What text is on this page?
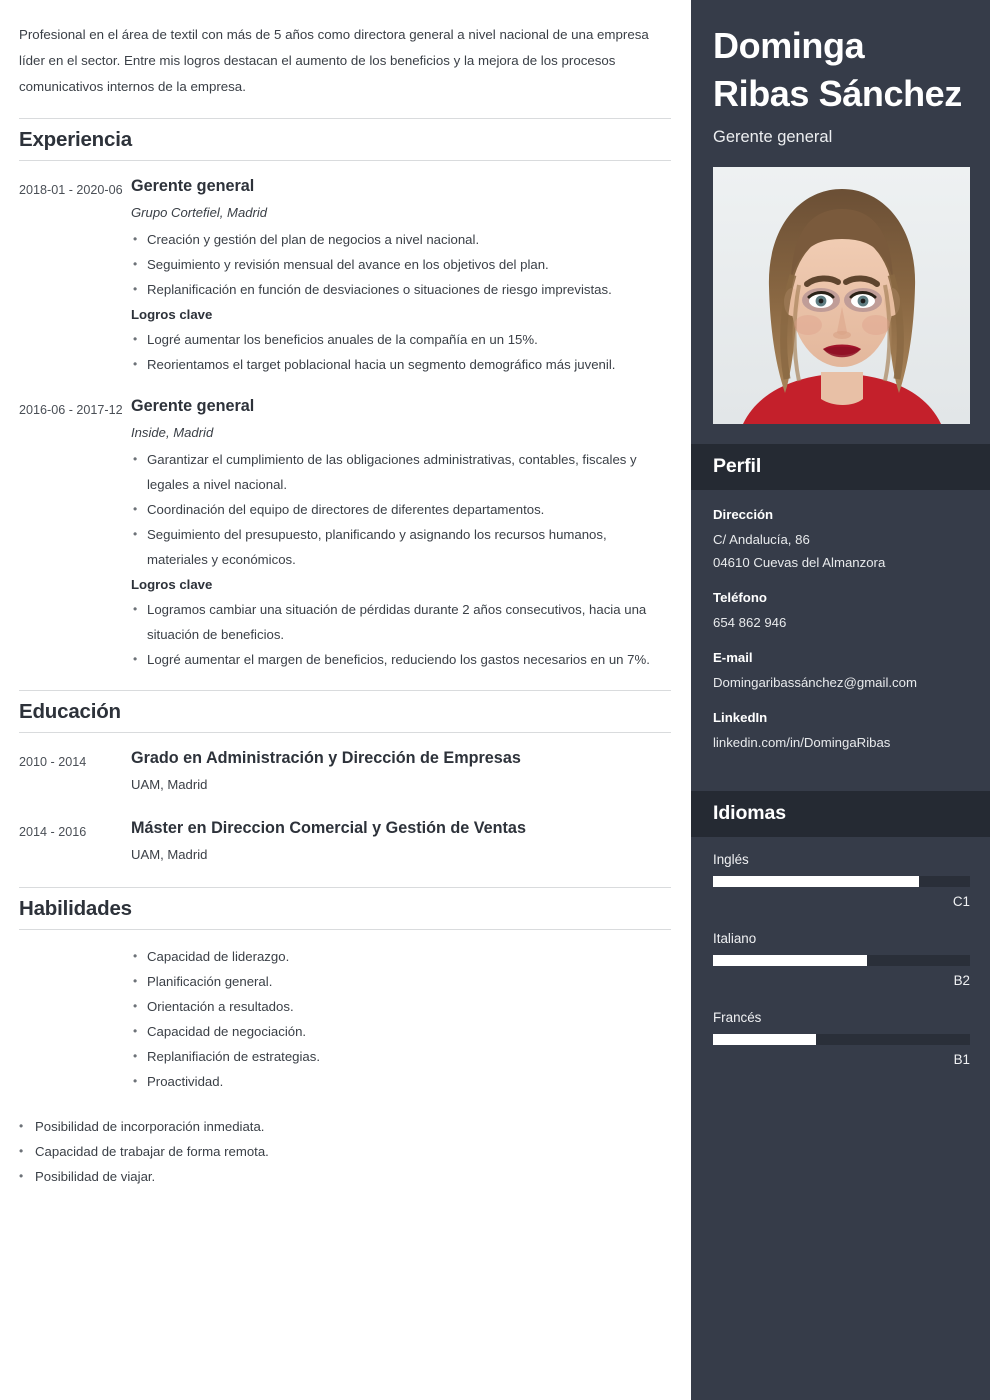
Profesional en el área de textil con más de 5 años como directora general a nivel nacional de una empresa líder en el sector. Entre mis logros destacan el aumento de los beneficios y la mejora de los procesos comunicativos internos de la empresa.
Experiencia
2018-01 - 2020-06 Gerente general
Grupo Cortefiel, Madrid
• Creación y gestión del plan de negocios a nivel nacional.
• Seguimiento y revisión mensual del avance en los objetivos del plan.
• Replanificación en función de desviaciones o situaciones de riesgo imprevistas.
Logros clave
• Logré aumentar los beneficios anuales de la compañía en un 15%.
• Reorientamos el target poblacional hacia un segmento demográfico más juvenil.
2016-06 - 2017-12 Gerente general
Inside, Madrid
• Garantizar el cumplimiento de las obligaciones administrativas, contables, fiscales y legales a nivel nacional.
• Coordinación del equipo de directores de diferentes departamentos.
• Seguimiento del presupuesto, planificando y asignando los recursos humanos, materiales y económicos.
Logros clave
• Logramos cambiar una situación de pérdidas durante 2 años consecutivos, hacia una situación de beneficios.
• Logré aumentar el margen de beneficios, reduciendo los gastos necesarios en un 7%.
Educación
2010 - 2014	Grado en Administración y Dirección de Empresas
UAM, Madrid
2014 - 2016	Máster en Direccion Comercial y Gestión de Ventas
UAM, Madrid
Habilidades
• Capacidad de liderazgo.
• Planificación general.
• Orientación a resultados.
• Capacidad de negociación.
• Replanifiación de estrategias.
• Proactividad.
• Posibilidad de incorporación inmediata.
• Capacidad de trabajar de forma remota.
• Posibilidad de viajar.
Dominga Ribas Sánchez
Gerente general
Perfil
Dirección
C/ Andalucía, 86
04610 Cuevas del Almanzora
Teléfono
654 862 946
E-mail
Domingaribassánchez@gmail.com
LinkedIn
linkedin.com/in/DomingaRibas
Idiomas
Inglés
C1
Italiano
B2
Francés
B1
